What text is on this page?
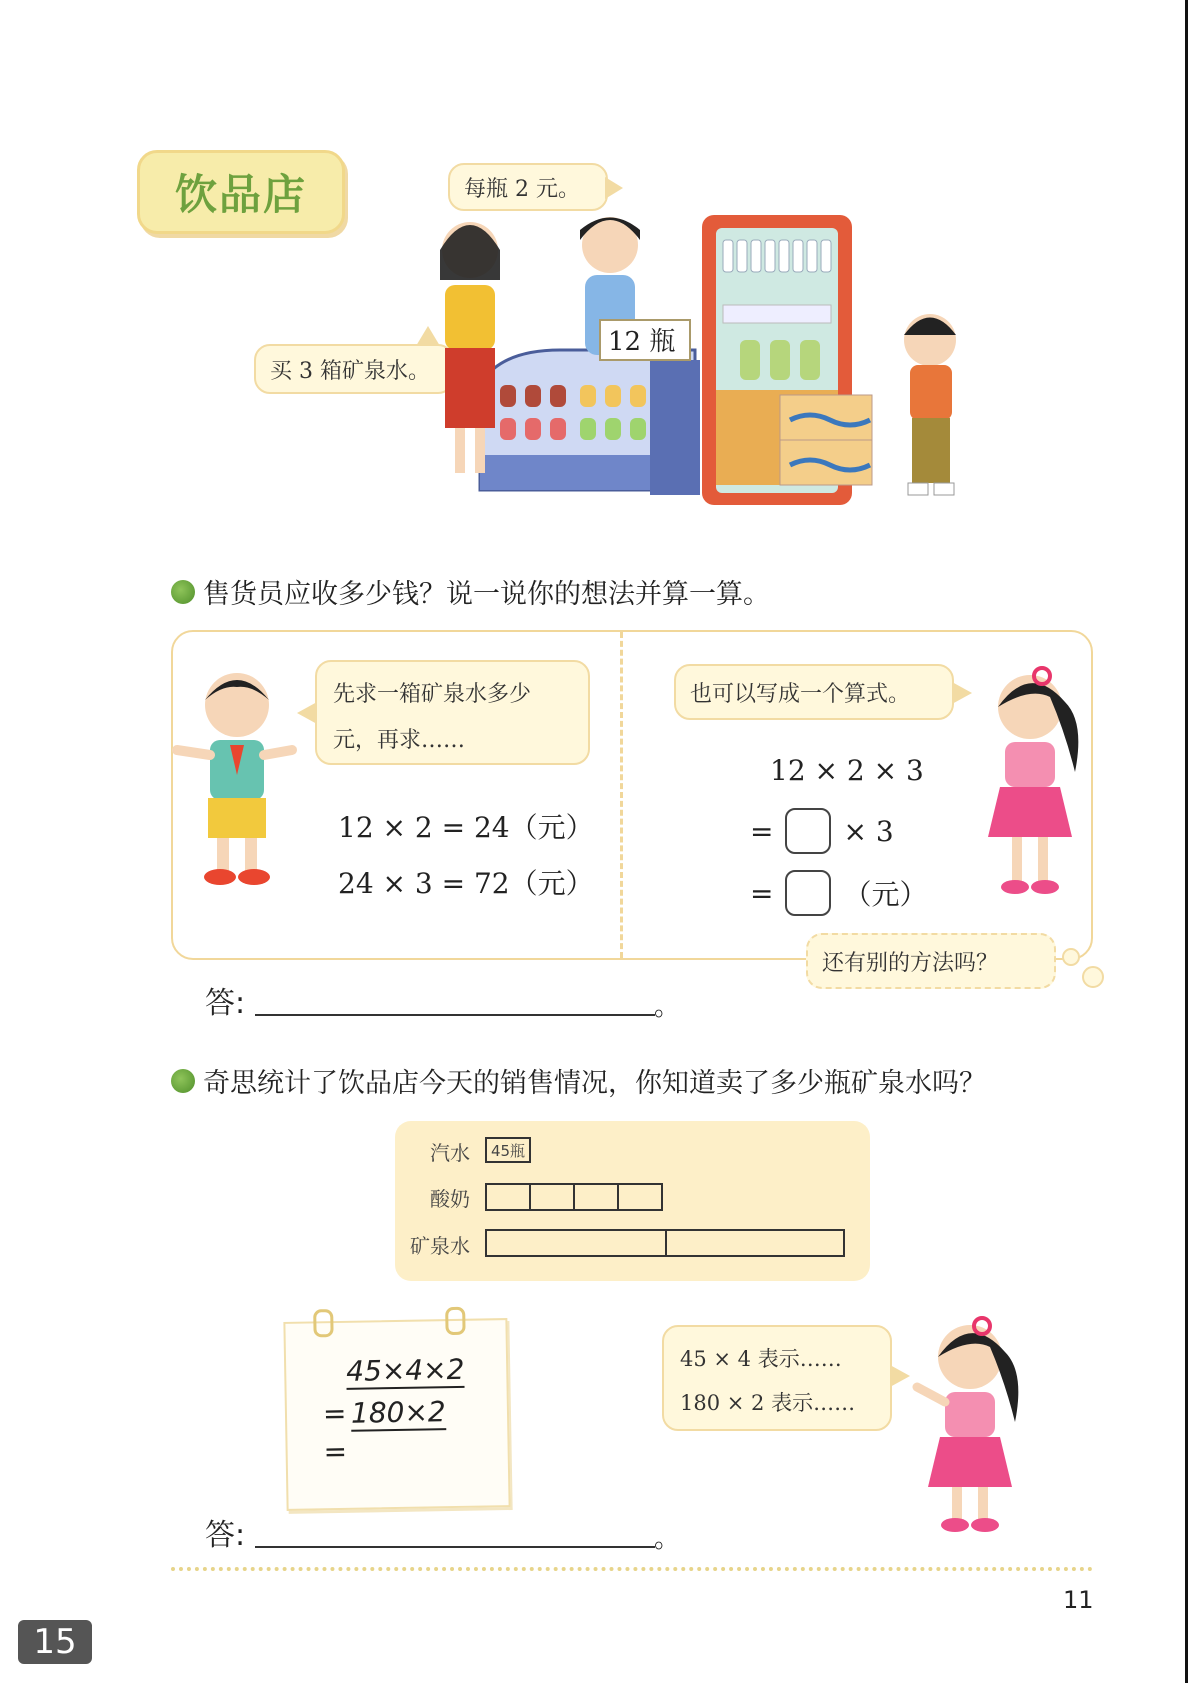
饮品店	每瓶 2 元。
买 3 箱矿泉水。
12 瓶
售货员应收多少钱？说一说你的想法并算一算。
先求一箱矿泉水多少
元，再求……
12 × 2 = 24（元）
24 × 3 = 72（元）
也可以写成一个算式。
12 × 2 × 3
=	× 3
=	（元）
还有别的方法吗？
答:	。
奇思统计了饮品店今天的销售情况，你知道卖了多少瓶矿泉水吗？
汽水 45瓶
酸奶
矿泉水
45×4×2
= 180×2
=
45 × 4 表示……
180 × 2 表示……
答:	。
11
15
